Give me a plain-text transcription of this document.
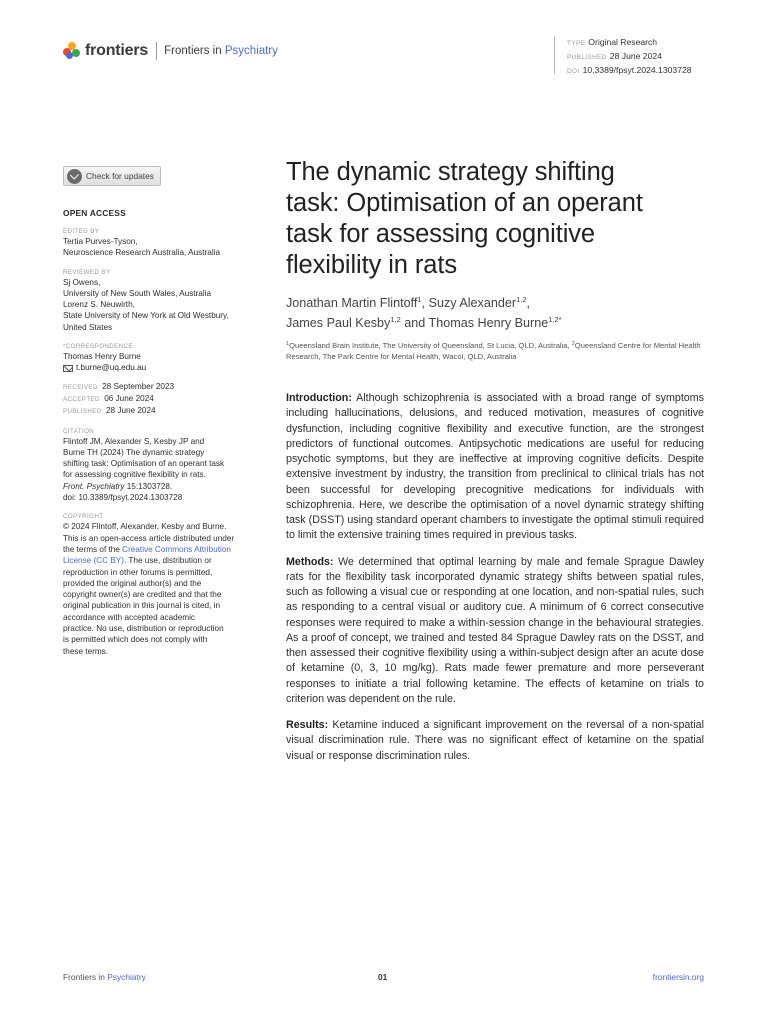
frontiers Frontiers in Psychiatry
TYPE Original Research
PUBLISHED 28 June 2024
DOI 10.3389/fpsyt.2024.1303728
Check for updates
OPEN ACCESS
EDITED BY
Tertia Purves-Tyson,
Neuroscience Research Australia, Australia
REVIEWED BY
Sj Owens,
University of New South Wales, Australia
Lorenz S. Neuwirth,
State University of New York at Old Westbury,
United States
*CORRESPONDENCE
Thomas Henry Burne
t.burne@uq.edu.au
RECEIVED 28 September 2023
ACCEPTED 06 June 2024
PUBLISHED 28 June 2024
CITATION
Flintoff JM, Alexander S, Kesby JP and
Burne TH (2024) The dynamic strategy
shifting task: Optimisation of an operant task
for assessing cognitive flexibility in rats.
Front. Psychiatry 15:1303728.
doi: 10.3389/fpsyt.2024.1303728
COPYRIGHT
© 2024 Flintoff, Alexander, Kesby and Burne.
This is an open-access article distributed under
the terms of the Creative Commons Attribution
License (CC BY). The use, distribution or
reproduction in other forums is permitted,
provided the original author(s) and the
copyright owner(s) are credited and that the
original publication in this journal is cited, in
accordance with accepted academic
practice. No use, distribution or reproduction
is permitted which does not comply with
these terms.
The dynamic strategy shifting
task: Optimisation of an operant
task for assessing cognitive
flexibility in rats
Jonathan Martin Flintoff$^1$, Suzy Alexander$^{1,2}$,
James Paul Kesby$^{1,2}$ and Thomas Henry Burne$^{1,2*}$
$^1$Queensland Brain Institute, The University of Queensland, St Lucia, QLD, Australia, $^2$Queensland Centre for Mental Health Research, The Park Centre for Mental Health, Wacol, QLD, Australia

Introduction: Although schizophrenia is associated with a broad range of symptoms including hallucinations, delusions, and reduced motivation, measures of cognitive dysfunction, including cognitive flexibility and executive function, are the strongest predictors of functional outcomes. Antipsychotic medications are useful for reducing psychotic symptoms, but they are ineffective at improving cognitive deficits. Despite extensive investment by industry, the transition from preclinical to clinical trials has not been successful for developing precognitive medications for individuals with schizophrenia. Here, we describe the optimisation of a novel dynamic strategy shifting task (DSST) using standard operant chambers to investigate the optimal stimuli required to limit the extensive training times required in previous tasks.

Methods: We determined that optimal learning by male and female Sprague Dawley rats for the flexibility task incorporated dynamic strategy shifts between spatial rules, such as following a visual cue or responding at one location, and non-spatial rules, such as responding to a central visual or auditory cue. A minimum of 6 correct consecutive responses were required to make a within-session change in the behavioural strategies. As a proof of concept, we trained and tested 84 Sprague Dawley rats on the DSST, and then assessed their cognitive flexibility using a within-subject design after an acute dose of ketamine (0, 3, 10 mg/kg). Rats made fewer premature and more perseverant responses to initiate a trial following ketamine. The effects of ketamine on trials to criterion was dependent on the rule.

Results: Ketamine induced a significant improvement on the reversal of a non-spatial visual discrimination rule. There was no significant effect of ketamine on the spatial visual or response discrimination rules.

Frontiers in Psychiatry	01	frontiersin.org
